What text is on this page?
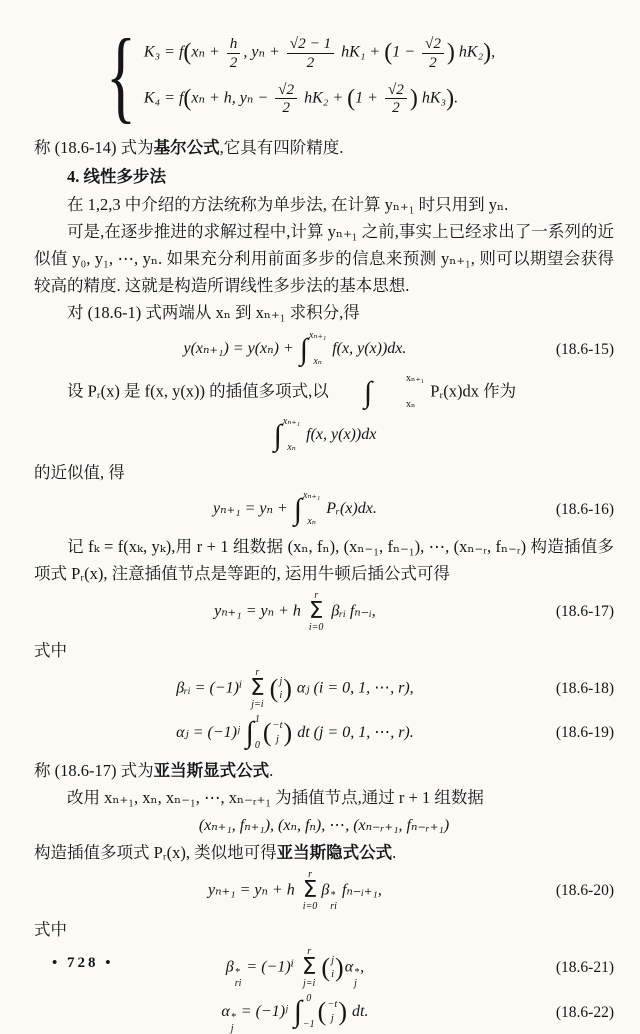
{ $K_3 = f(x_n + \frac{h}{2}$ , $y_n + \frac{√2 - 1}{2} hK_1 + (1 - \frac{√2}{2}$ ) hK₂),
K₄ = f(xₙ + h, $y_n - \frac{√2}{2} hK_2 + (1 + \frac{√2}{2}$ ) hK₃).

称 (18.6-14) 式为基尔公式,它具有四阶精度.

4. 线性多步法

在 1,2,3 中介绍的方法统称为单步法, 在计算 yₙ₊₁ 时只用到 yₙ.

可是,在逐步推进的求解过程中,计算 yₙ₊₁ 之前,事实上已经求出了一系列的近似值 y₀, y₁, ⋯, yₙ. 如果充分利用前面多步的信息来预测 yₙ₊₁, 则可以期望会获得较高的精度. 这就是构造所谓线性多步法的基本思想.

对 (18.6-1) 式两端从 xₙ 到 xₙ₊₁ 求积分,得

y(xₙ₊₁) = y(xₙ) + ∫ xₙ₊₁
xₙ
f(x, y(x))dx.	(18.6-15)

设 Pᵣ(x) 是 f(x, y(x)) 的插值多项式,以	∫	xₙ₊₁
xₙ
Pᵣ(x)dx 作为

∫ xₙ₊₁
xₙ
f(x, y(x))dx

的近似值, 得

yₙ₊₁ = yₙ + ∫ xₙ₊₁
xₙ
Pᵣ(x)dx.	(18.6-16)

记 fₖ = f(xₖ, yₖ),用 r + 1 组数据 (xₙ, fₙ), (xₙ₋₁, fₙ₋₁), ⋯, (xₙ₋ᵣ, fₙ₋ᵣ) 构造插值多项式 Pᵣ(x), 注意插值节点是等距的, 运用牛顿后插公式可得

yₙ₊₁ = yₙ + h
r
Σ
i=0
βᵣᵢ fₙ₋ᵢ,	(18.6-17)

式中

βᵣᵢ = (−1)ⁱ
r
Σ
j=i
( j
i ) αⱼ (i = 0, 1, ⋯, r),	(18.6-18)
αⱼ = (−1)ʲ ∫ 1
0 ( −t
j ) dt (j = 0, 1, ⋯, r).	(18.6-19)

称 (18.6-17) 式为亚当斯显式公式.

改用 xₙ₊₁, xₙ, xₙ₋₁, ⋯, xₙ₋ᵣ₊₁ 为插值节点,通过 r + 1 组数据

(xₙ₊₁, fₙ₊₁), (xₙ, fₙ), ⋯, (xₙ₋ᵣ₊₁, fₙ₋ᵣ₊₁)

构造插值多项式 Pᵣ(x), 类似地可得亚当斯隐式公式.

yₙ₊₁ = yₙ + h
r
Σ
i=0
β *
ri
fₙ₋ᵢ₊₁,	(18.6-20)

式中

β *
ri
= (−1)ⁱ
r
Σ
j=i
( j
i ) α *
j
,	(18.6-21)
α *
j
= (−1)ʲ ∫ 0
−1 ( −t
j ) dt.	(18.6-22)
• 728 •
